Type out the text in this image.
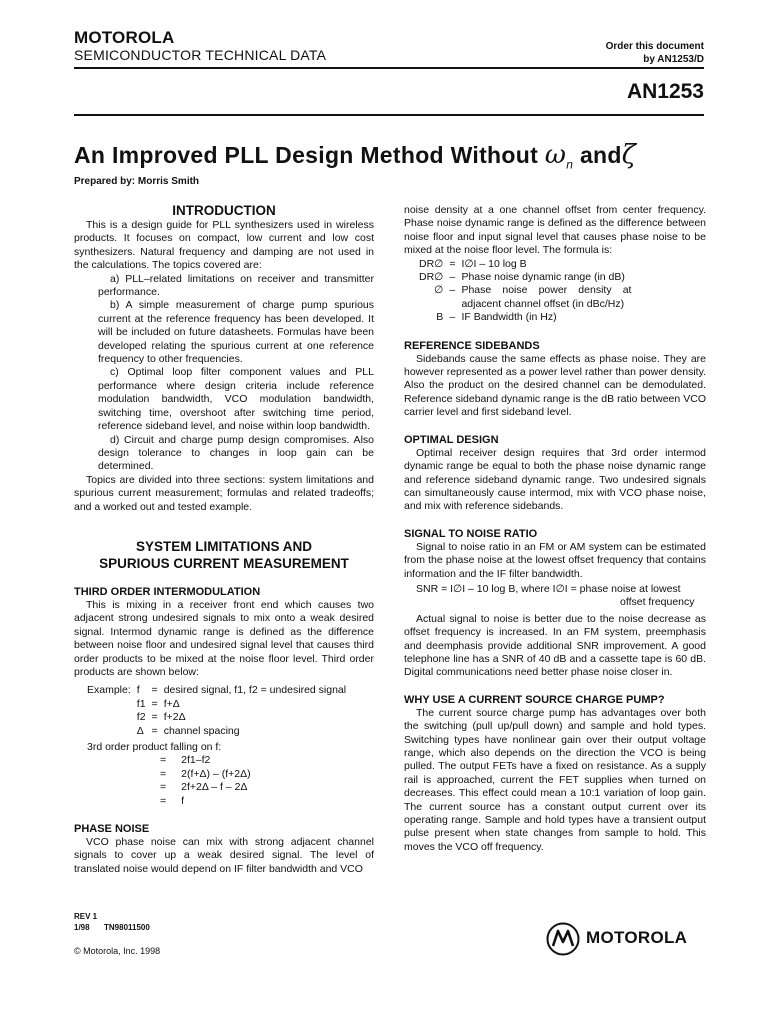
MOTOROLA
SEMICONDUCTOR TECHNICAL DATA
Order this document
by AN1253/D
AN1253
An Improved PLL Design Method Without $\omega_n$ andζ
Prepared by: Morris Smith
INTRODUCTION

This is a design guide for PLL synthesizers used in wireless products. It focuses on compact, low current and low cost synthesizers. Natural frequency and damping are not used in the calculations. The topics covered are:

a) PLL–related limitations on receiver and transmitter performance.

b) A simple measurement of charge pump spurious current at the reference frequency has been developed. It will be included on future datasheets. Formulas have been developed relating the spurious current at one reference frequency to other frequencies.

c) Optimal loop filter component values and PLL performance where design criteria include reference modulation bandwidth, VCO modulation bandwidth, switching time, overshoot after switching time period, reference sideband level, and noise within loop bandwidth.

d) Circuit and charge pump design compromises. Also design tolerance to changes in loop gain can be determined.

Topics are divided into three sections: system limitations and spurious current measurement; formulas and related tradeoffs; and a worked out and tested example.

SYSTEM LIMITATIONS AND
SPURIOUS CURRENT MEASUREMENT
THIRD ORDER INTERMODULATION

This is mixing in a receiver front end which causes two adjacent strong undesired signals to mix onto a weak desired signal. Intermod dynamic range is defined as the difference between noise floor and undesired signal level that causes third order products to be mixed at the noise floor level. Third order products are shown below:

Example:	f	=	desired signal, f1, f2 = undesired signal
	f1	=	f+Δ
	f2	=	f+2Δ
	Δ	=	channel spacing
3rd order product falling on f:
=	2f1–f2
=	2(f+Δ) – (f+2Δ)
=	2f+2Δ – f – 2Δ
=	f
PHASE NOISE

VCO phase noise can mix with strong adjacent channel signals to cover up a weak desired signal. The level of translated noise would depend on IF filter bandwidth and VCO

noise density at a one channel offset from center frequency. Phase noise dynamic range is defined as the difference between noise floor and input signal level that causes phase noise to be mixed at the noise floor level. The formula is:

DR∅	=	I∅I – 10 log B
DR∅	–	Phase noise dynamic range (in dB)
∅	–	Phase noise power density at adjacent channel offset (in dBc/Hz)
B	–	IF Bandwidth (in Hz)
REFERENCE SIDEBANDS

Sidebands cause the same effects as phase noise. They are however represented as a power level rather than power density. Also the product on the desired channel can be demodulated. Reference sideband dynamic range is the dB ratio between VCO carrier level and first sideband level.

OPTIMAL DESIGN

Optimal receiver design requires that 3rd order intermod dynamic range be equal to both the phase noise dynamic range and reference sideband dynamic range. Two undesired signals can simultaneously cause intermod, mix with VCO phase noise, and mix with reference sidebands.

SIGNAL TO NOISE RATIO

Signal to noise ratio in an FM or AM system can be estimated from the phase noise at the lowest offset frequency that contains information and the IF filter bandwidth.

SNR = I∅I – 10 log B, where I∅I = phase noise at lowest
offset frequency

Actual signal to noise is better due to the noise decrease as offset frequency is increased. In an FM system, preemphasis and deemphasis provide additional SNR improvement. A good telephone line has a SNR of 40 dB and a cassette tape is 60 dB. Digital communications need better phase noise closer in.

WHY USE A CURRENT SOURCE CHARGE PUMP?

The current source charge pump has advantages over both the switching (pull up/pull down) and sample and hold types. Switching types have nonlinear gain over their output voltage range, which also depends on the direction the VCO is being pulled. The output FETs have a fixed on resistance. As a supply rail is approached, current the FET supplies when turned on decreases. This effect could mean a 10:1 variation of loop gain. The current source has a constant output current over its operating range. Sample and hold types have a transient output pulse present when state changes from sample to hold. This moves the VCO off frequency.

REV 1
1/98 TN98011500
© Motorola, Inc. 1998
MOTOROLA
